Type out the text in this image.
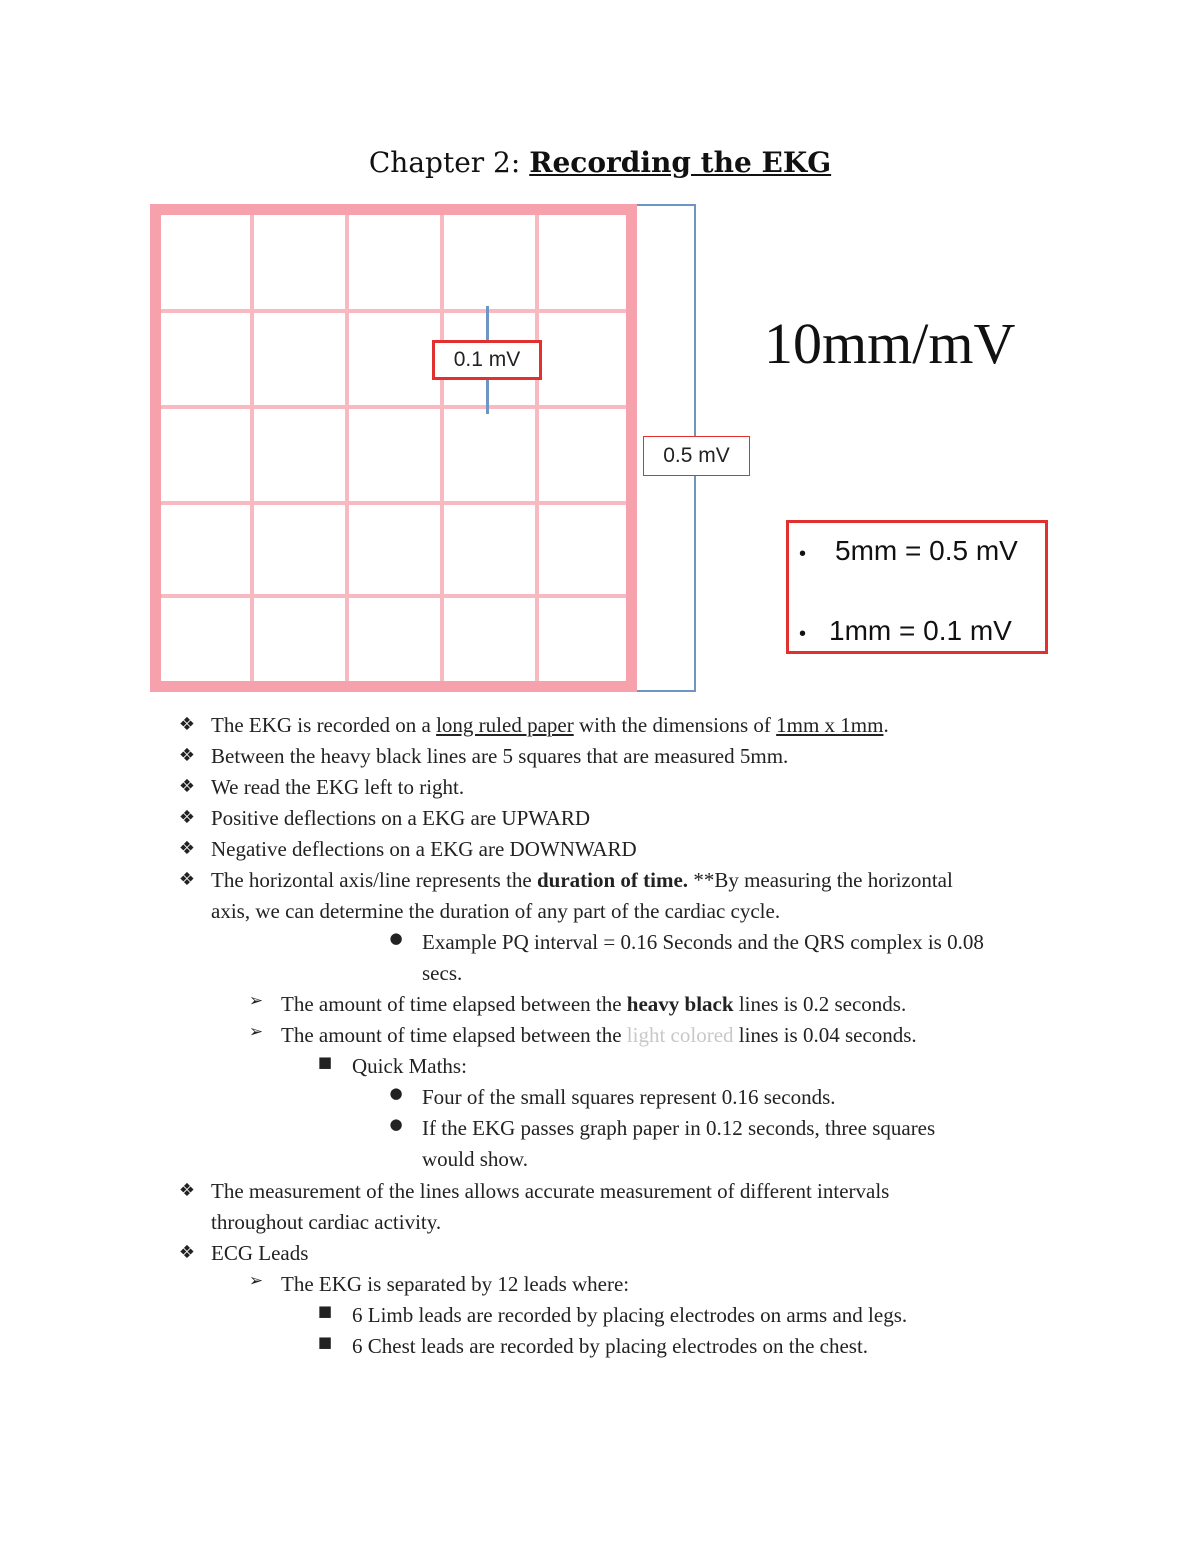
Chapter 2: Recording the EKG
0.1 mV
0.5 mV
10mm/mV
• 5mm = 0.5 mV
• 1mm = 0.1 mV
❖ The EKG is recorded on a long ruled paper with the dimensions of 1mm x 1mm.
❖ Between the heavy black lines are 5 squares that are measured 5mm.
❖ We read the EKG left to right.
❖ Positive deflections on a EKG are UPWARD
❖ Negative deflections on a EKG are DOWNWARD
❖ The horizontal axis/line represents the duration of time. **By measuring the horizontal
axis, we can determine the duration of any part of the cardiac cycle.
● Example PQ interval = 0.16 Seconds and the QRS complex is 0.08
secs.
➢ The amount of time elapsed between the heavy black lines is 0.2 seconds.
➢ The amount of time elapsed between the light colored lines is 0.04 seconds.
■ Quick Maths:
● Four of the small squares represent 0.16 seconds.
● If the EKG passes graph paper in 0.12 seconds, three squares
would show.
❖ The measurement of the lines allows accurate measurement of different intervals
throughout cardiac activity.
❖ ECG Leads
➢ The EKG is separated by 12 leads where:
■ 6 Limb leads are recorded by placing electrodes on arms and legs.
■ 6 Chest leads are recorded by placing electrodes on the chest.
